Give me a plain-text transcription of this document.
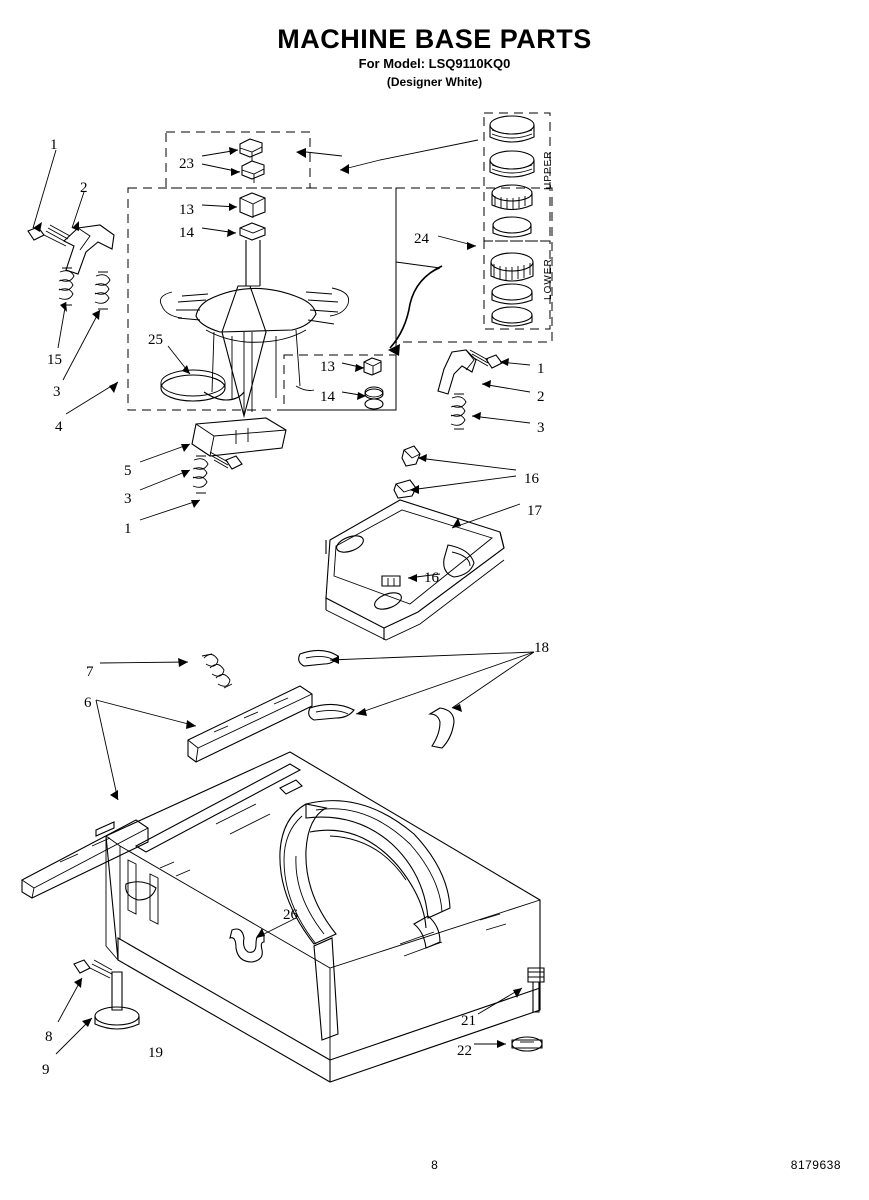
MACHINE BASE PARTS
For Model: LSQ9110KQ0
(Designer White)
UPPER
LOWER
1
2
23
13
14	24
15
3
4
25
13
14
1
2
3
5
3
1
16
17
16
18
7
6
26
8
9
19
21
22
8	8179638
